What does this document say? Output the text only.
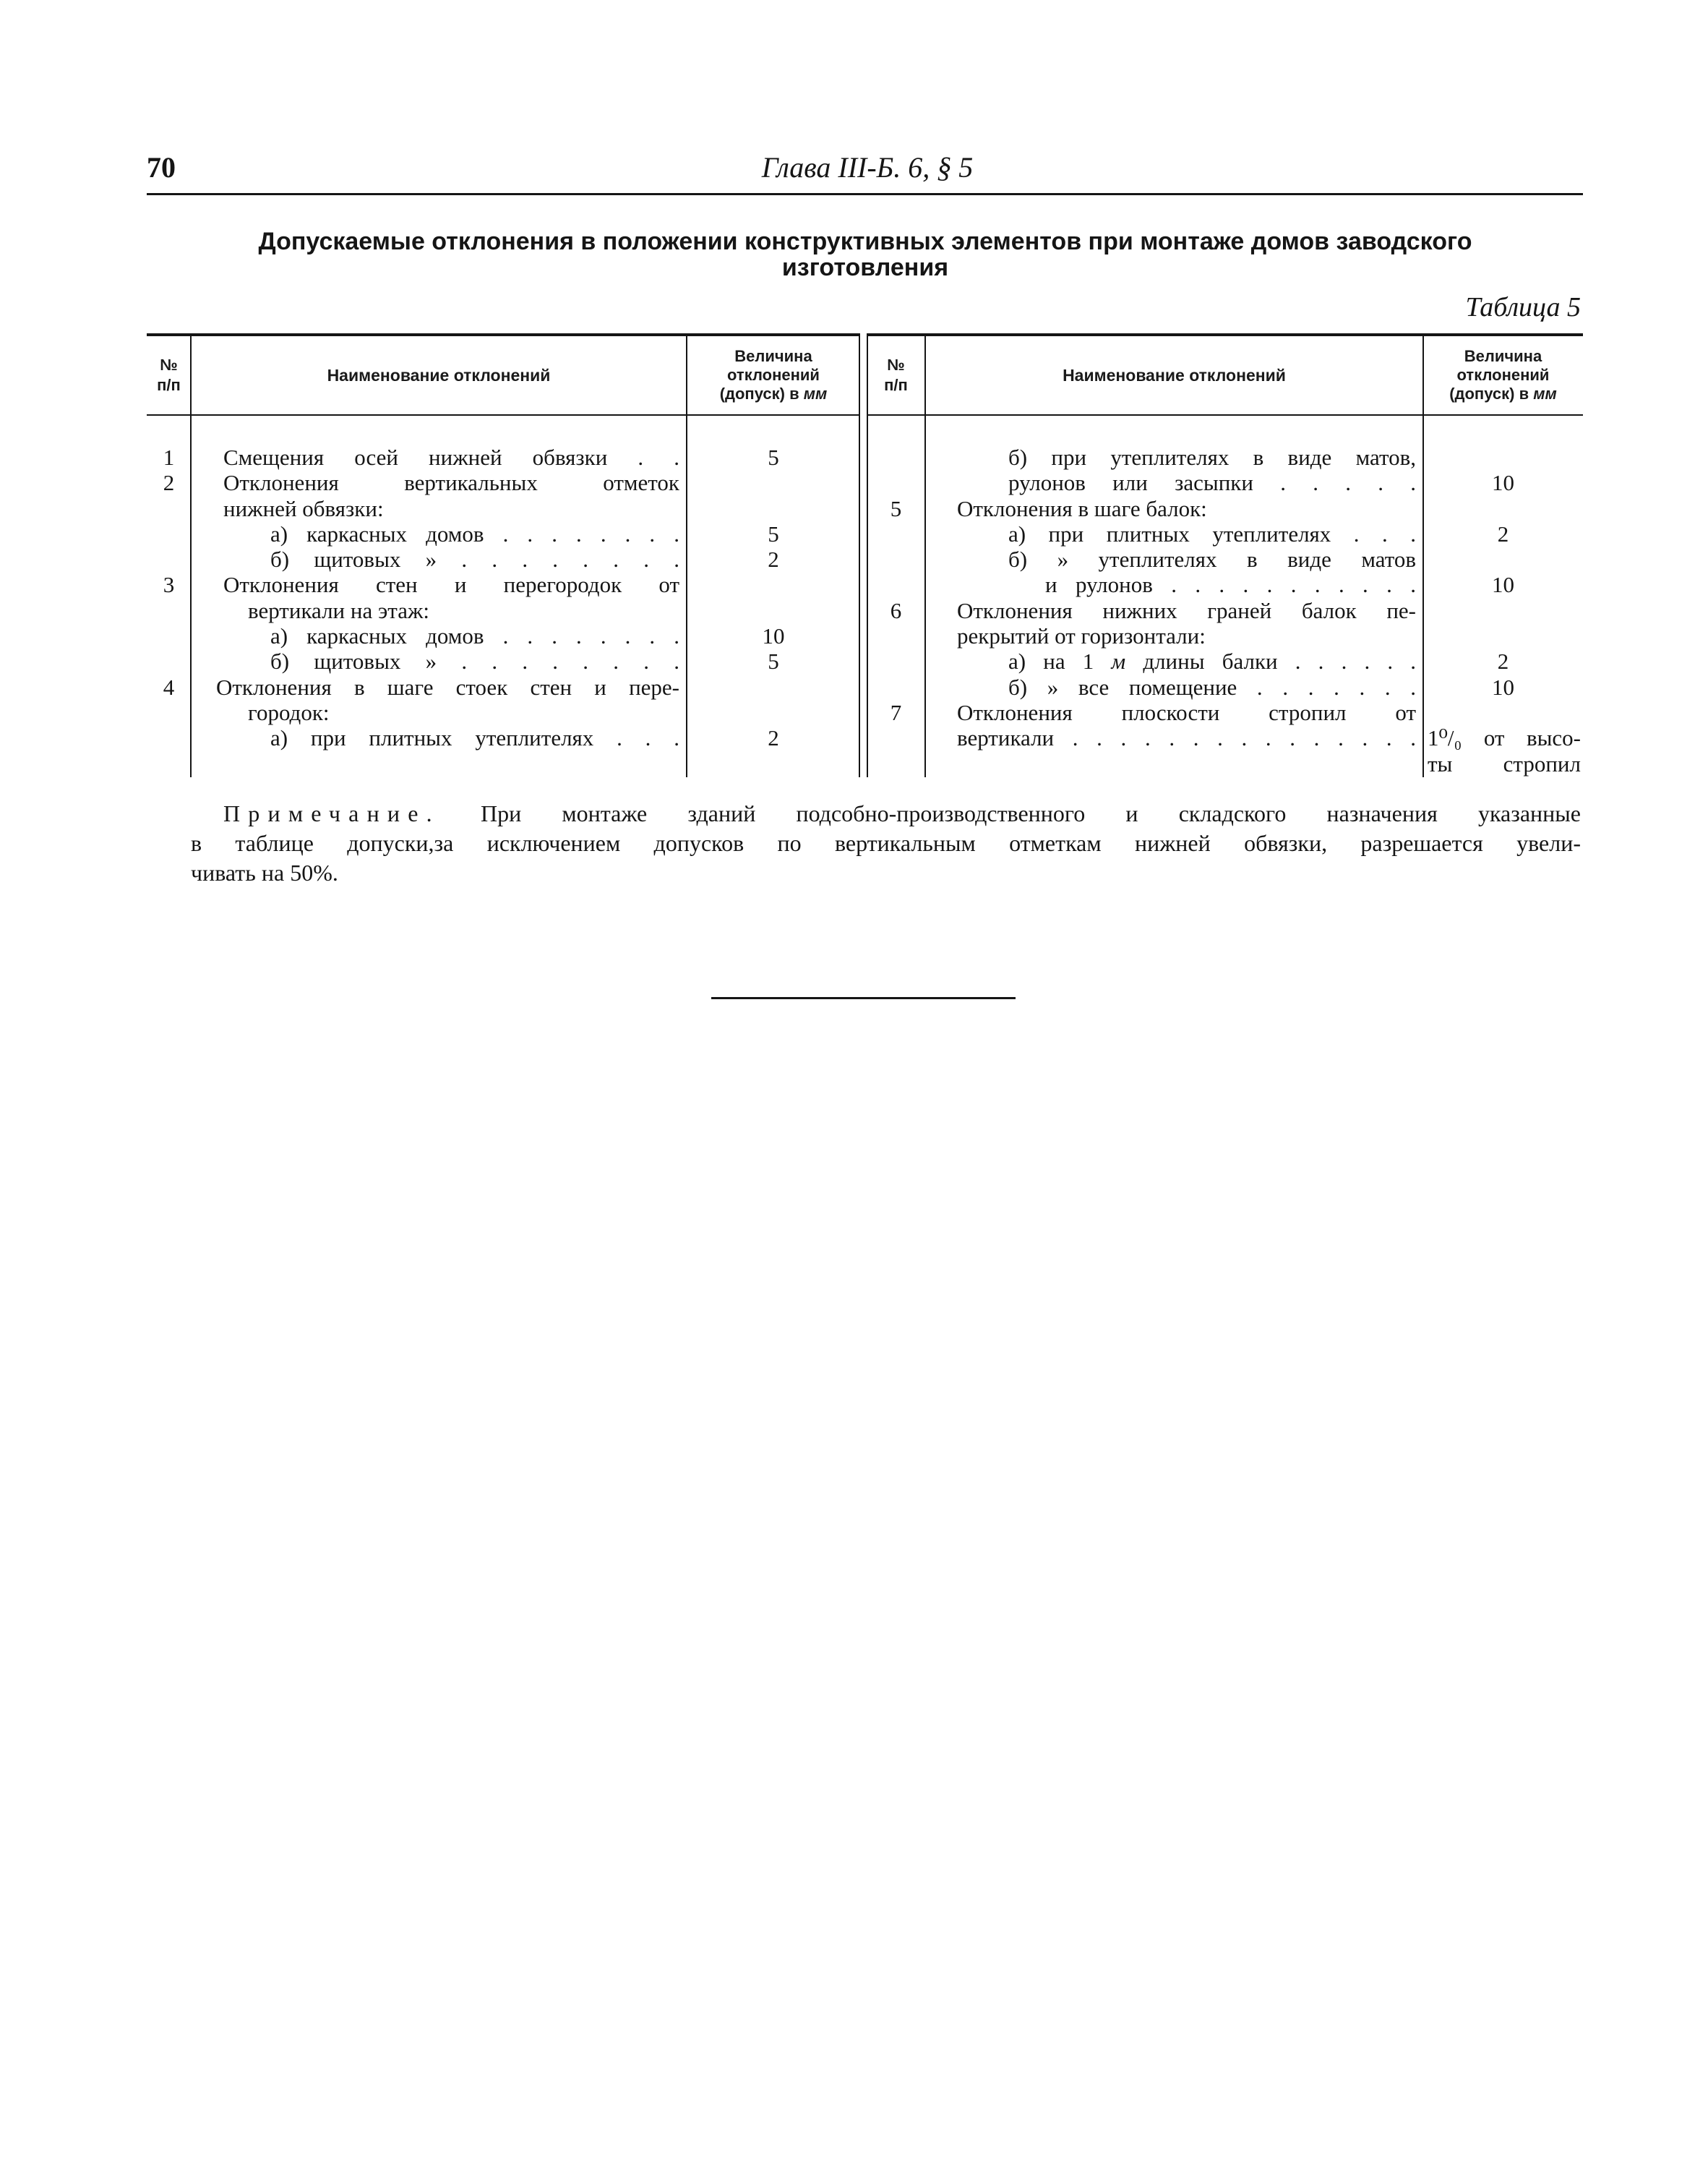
70	Глава III-Б. 6, § 5
Допускаемые отклонения в положении конструктивных элементов при монтаже домов заводского
изготовления
Таблица 5
№
п/п
Наименование отклонений
Величина
отклонений
(допуск) в мм
1	Смещения осей нижней обвязки . .	5
2	Отклонения вертикальных отметок
нижней обвязки:
а) каркасных домов . . . . . . . .	5
б) щитовых » . . . . . . . .	2
3	Отклонения стен и перегородок от
вертикали на этаж:
а) каркасных домов . . . . . . . .	10
б) щитовых » . . . . . . . .	5
4	Отклонения в шаге стоек стен и пере-
городок:
а) при плитных утеплителях . . .	2
№
п/п
Наименование отклонений
Величина
отклонений
(допуск) в мм
б) при утеплителях в виде матов,
рулонов или засыпки . . . . .	10
5	Отклонения в шаге балок:
а) при плитных утеплителях . . .	2
б) » утеплителях в виде матов
и рулонов . . . . . . . . . . .	10
6	Отклонения нижних граней балок пе-
рекрытий от горизонтали:
а) на 1 м длины балки . . . . . .	2
б) » все помещение . . . . . . .	10
7	Отклонения плоскости стропил от
вертикали . . . . . . . . . . . . . . . 1⁰/₀ от высо-
ты стропил
Примечание. При монтаже зданий подсобно-производственного и складского назначения указанные
в таблице допуски,за исключением допусков по вертикальным отметкам нижней обвязки, разрешается увели-
чивать на 50%.
